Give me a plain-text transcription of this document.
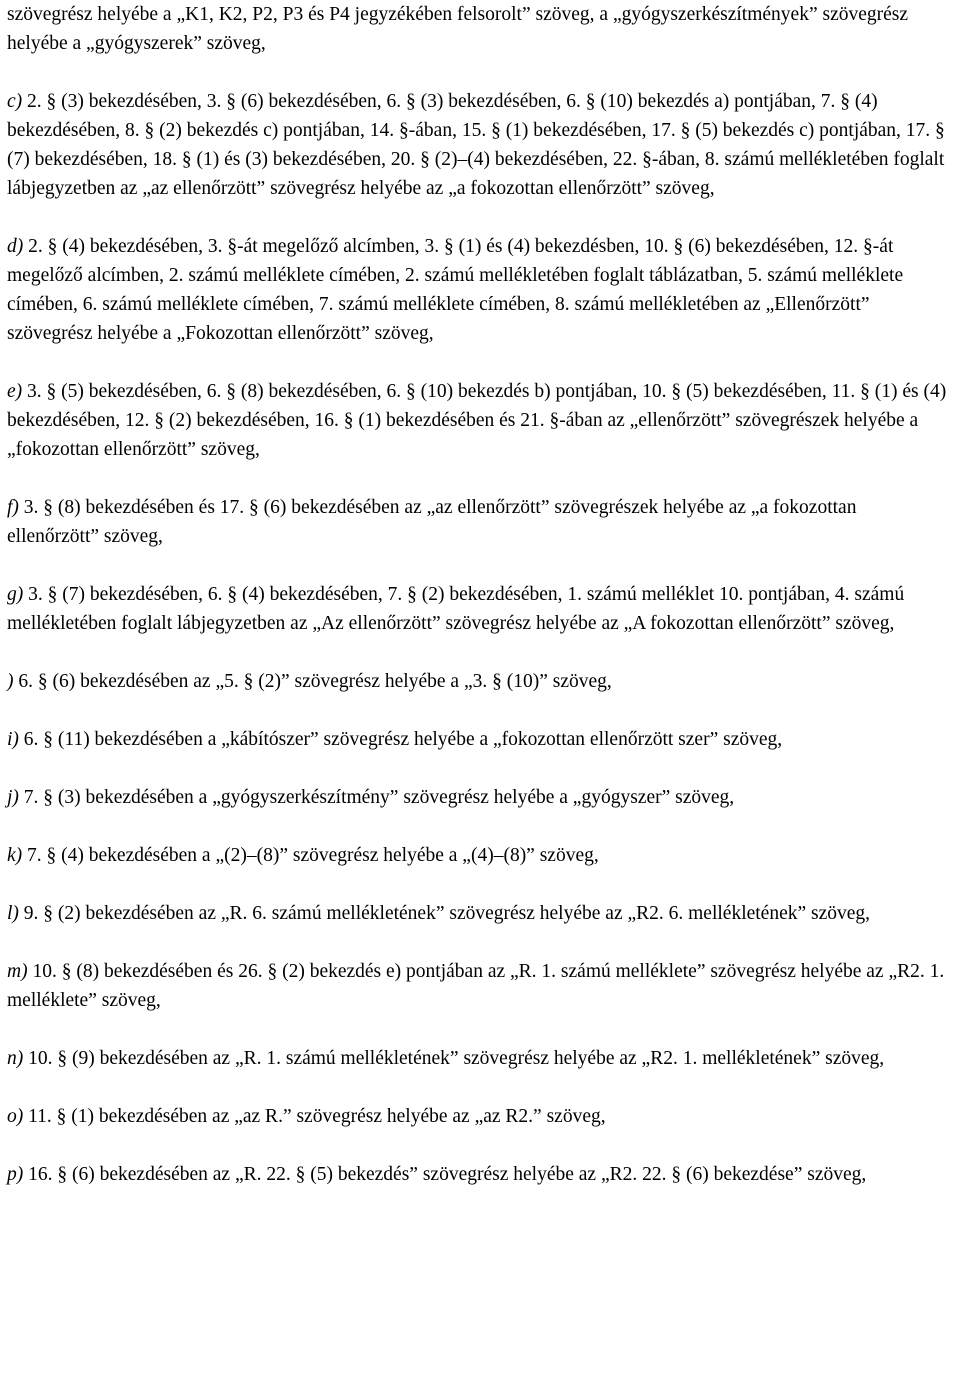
szövegrész helyébe a „K1, K2, P2, P3 és P4 jegyzékében felsorolt” szöveg, a „gyógyszerkészítmények” szövegrész helyébe a „gyógyszerek” szöveg,

c) 2. § (3) bekezdésében, 3. § (6) bekezdésében, 6. § (3) bekezdésében, 6. § (10) bekezdés a) pontjában, 7. § (4) bekezdésében, 8. § (2) bekezdés c) pontjában, 14. §-ában, 15. § (1) bekezdésében, 17. § (5) bekezdés c) pontjában, 17. § (7) bekezdésében, 18. § (1) és (3) bekezdésében, 20. § (2)–(4) bekezdésében, 22. §-ában, 8. számú mellékletében foglalt lábjegyzetben az „az ellenőrzött” szövegrész helyébe az „a fokozottan ellenőrzött” szöveg,

d) 2. § (4) bekezdésében, 3. §-át megelőző alcímben, 3. § (1) és (4) bekezdésben, 10. § (6) bekezdésében, 12. §-át megelőző alcímben, 2. számú melléklete címében, 2. számú mellékletében foglalt táblázatban, 5. számú melléklete címében, 6. számú melléklete címében, 7. számú melléklete címében, 8. számú mellékletében az „Ellenőrzött” szövegrész helyébe a „Fokozottan ellenőrzött” szöveg,

e) 3. § (5) bekezdésében, 6. § (8) bekezdésében, 6. § (10) bekezdés b) pontjában, 10. § (5) bekezdésében, 11. § (1) és (4) bekezdésében, 12. § (2) bekezdésében, 16. § (1) bekezdésében és 21. §-ában az „ellenőrzött” szövegrészek helyébe a „fokozottan ellenőrzött” szöveg,

f) 3. § (8) bekezdésében és 17. § (6) bekezdésében az „az ellenőrzött” szövegrészek helyébe az „a fokozottan ellenőrzött” szöveg,

g) 3. § (7) bekezdésében, 6. § (4) bekezdésében, 7. § (2) bekezdésében, 1. számú melléklet 10. pontjában, 4. számú mellékletében foglalt lábjegyzetben az „Az ellenőrzött” szövegrész helyébe az „A fokozottan ellenőrzött” szöveg,

) 6. § (6) bekezdésében az „5. § (2)” szövegrész helyébe a „3. § (10)” szöveg,

i) 6. § (11) bekezdésében a „kábítószer” szövegrész helyébe a „fokozottan ellenőrzött szer” szöveg,

j) 7. § (3) bekezdésében a „gyógyszerkészítmény” szövegrész helyébe a „gyógyszer” szöveg,

k) 7. § (4) bekezdésében a „(2)–(8)” szövegrész helyébe a „(4)–(8)” szöveg,

l) 9. § (2) bekezdésében az „R. 6. számú mellékletének” szövegrész helyébe az „R2. 6. mellékletének” szöveg,

m) 10. § (8) bekezdésében és 26. § (2) bekezdés e) pontjában az „R. 1. számú melléklete” szövegrész helyébe az „R2. 1. melléklete” szöveg,

n) 10. § (9) bekezdésében az „R. 1. számú mellékletének” szövegrész helyébe az „R2. 1. mellékletének” szöveg,

o) 11. § (1) bekezdésében az „az R.” szövegrész helyébe az „az R2.” szöveg,

p) 16. § (6) bekezdésében az „R. 22. § (5) bekezdés” szövegrész helyébe az „R2. 22. § (6) bekezdése” szöveg,
